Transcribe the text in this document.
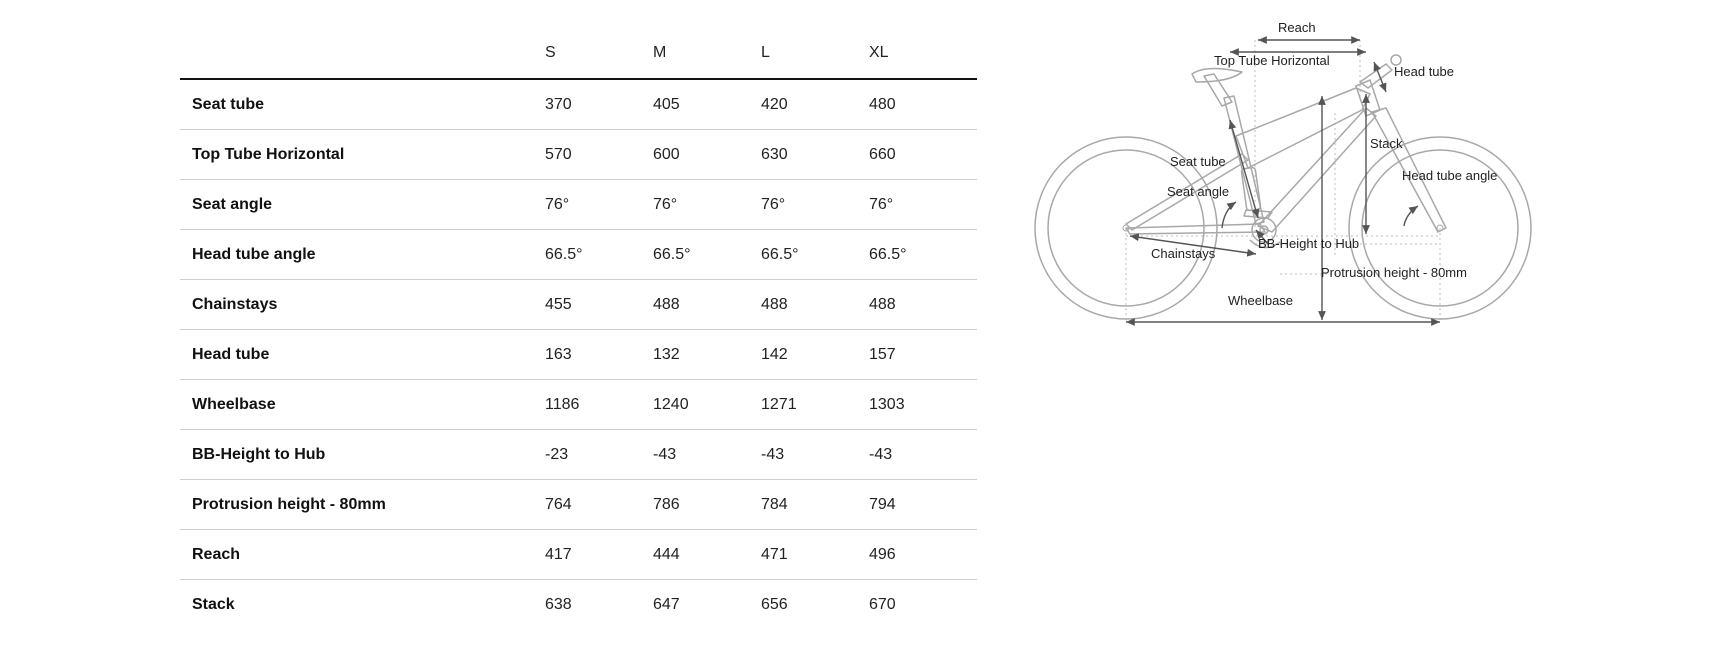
	S	M	L	XL
Seat tube	370	405	420	480
Top Tube Horizontal	570	600	630	660
Seat angle	76°	76°	76°	76°
Head tube angle	66.5°	66.5°	66.5°	66.5°
Chainstays	455	488	488	488
Head tube	163	132	142	157
Wheelbase	1186	1240	1271	1303
BB-Height to Hub	-23	-43	-43	-43
Protrusion height - 80mm	764	786	784	794
Reach	417	444	471	496
Stack	638	647	656	670
Reach
Top Tube Horizontal
Head tube
Stack
Seat tube
Head tube angle
Seat angle
BB-Height to Hub
Chainstays
Protrusion height - 80mm
Wheelbase
